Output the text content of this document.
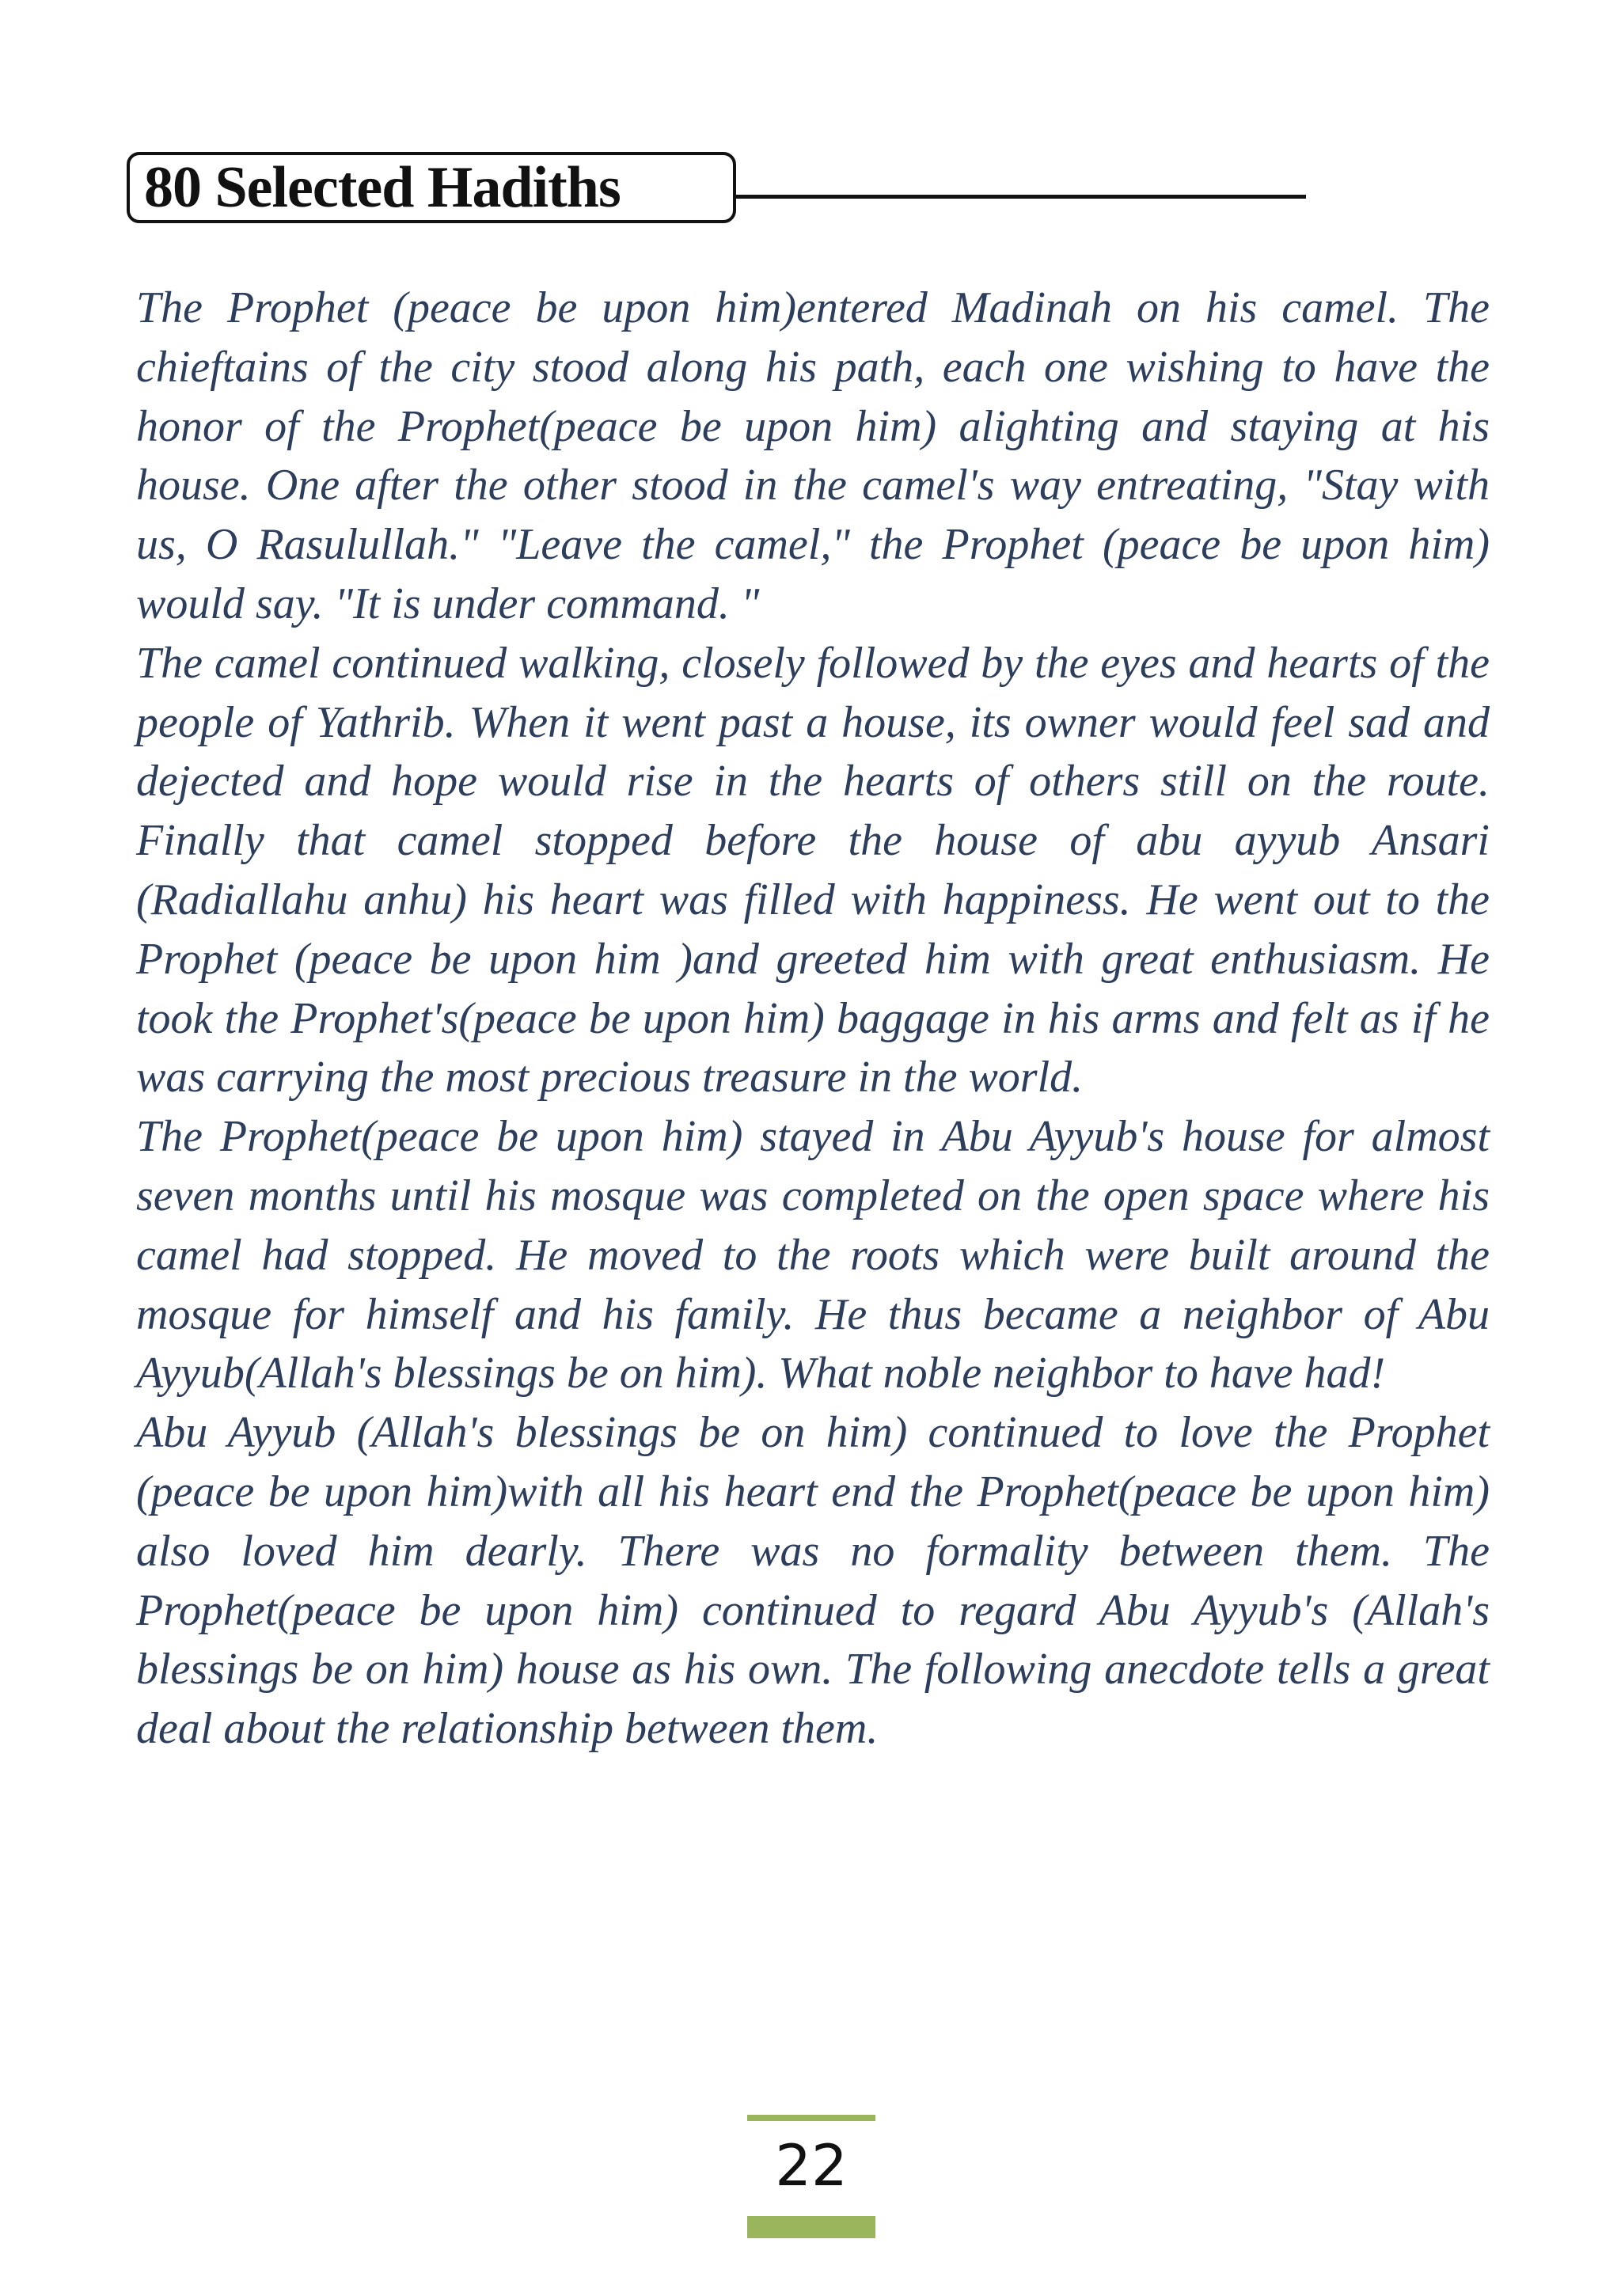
80 Selected Hadiths

The Prophet (peace be upon him)entered Madinah on his camel. The chieftains of the city stood along his path, each one wishing to have the honor of the Prophet(peace be upon him) alighting and staying at his house. One after the other stood in the camel's way entreating, "Stay with us, O Rasulullah." "Leave the camel," the Prophet (peace be upon him) would say. "It is under command. "

The camel continued walking, closely followed by the eyes and hearts of the people of Yathrib. When it went past a house, its owner would feel sad and dejected and hope would rise in the hearts of others still on the route. Finally that camel stopped before the house of abu ayyub Ansari (Radiallahu anhu) his heart was filled with happiness. He went out to the Prophet (peace be upon him )and greeted him with great enthusiasm. He took the Prophet's(peace be upon him) baggage in his arms and felt as if he was carrying the most precious treasure in the world.

The Prophet(peace be upon him) stayed in Abu Ayyub's house for almost seven months until his mosque was completed on the open space where his camel had stopped. He moved to the roots which were built around the mosque for himself and his family. He thus became a neighbor of Abu Ayyub(Allah's blessings be on him). What noble neighbor to have had!

Abu Ayyub (Allah's blessings be on him) continued to love the Prophet (peace be upon him)with all his heart end the Prophet(peace be upon him) also loved him dearly. There was no formality between them. The Prophet(peace be upon him) continued to regard Abu Ayyub's (Allah's blessings be on him) house as his own. The following anecdote tells a great deal about the relationship between them.

22
